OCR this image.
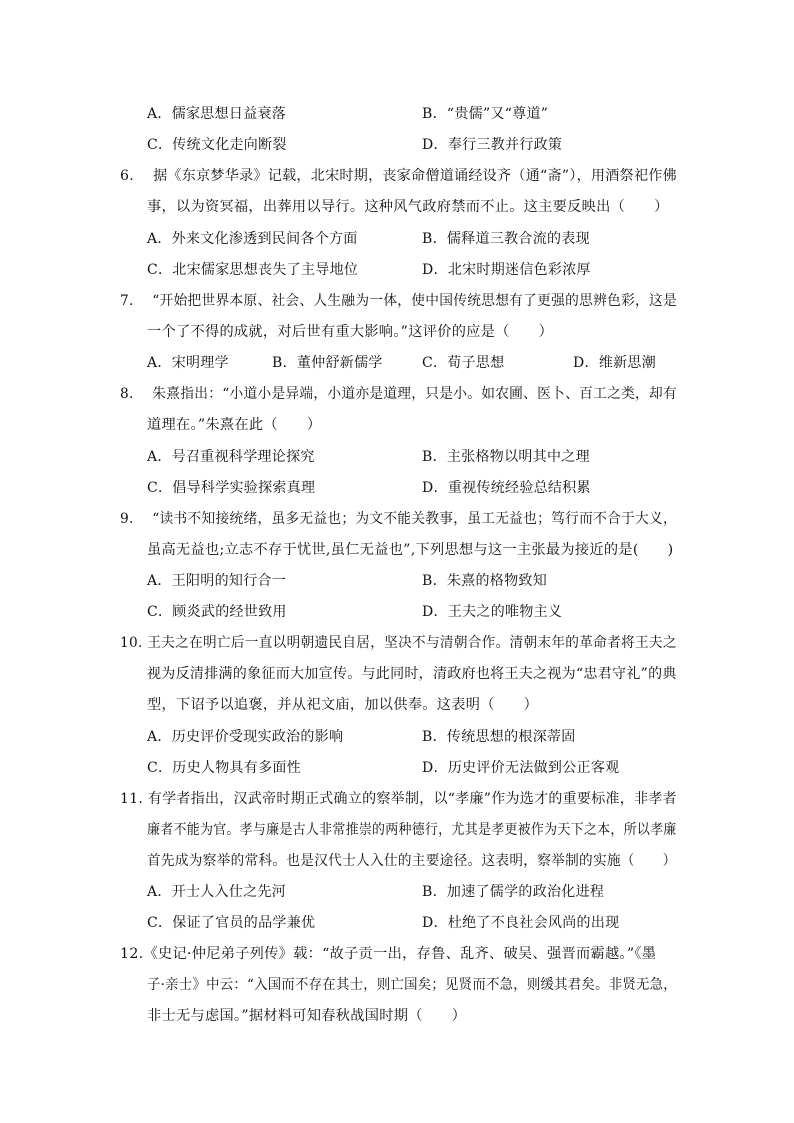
A．儒家思想日益衰落	B．“贵儒”又“尊道”
C．传统文化走向断裂	D．奉行三教并行政策
6.　 据《东京梦华录》记载，北宋时期，丧家命僧道诵经设齐（通“斋”），用酒祭祀作佛
事，以为资冥福，出葬用以导行。这种风气政府禁而不止。这主要反映出（　　）
A．外来文化渗透到民间各个方面	B．儒释道三教合流的表现
C．北宋儒家思想丧失了主导地位	D．北宋时期迷信色彩浓厚
7.　 “开始把世界本原、社会、人生融为一体，使中国传统思想有了更强的思辨色彩，这是
一个了不得的成就，对后世有重大影响。”这评价的应是（　　）
A．宋明理学	B．董仲舒新儒学	C．荀子思想	D．维新思潮
8.　 朱熹指出：“小道小是异端，小道亦是道理，只是小。如农圃、医卜、百工之类，却有
道理在。”朱熹在此（　　）
A．号召重视科学理论探究	B．主张格物以明其中之理
C．倡导科学实验探索真理	D．重视传统经验总结积累
9.　 “读书不知接统绪，虽多无益也；为文不能关教事，虽工无益也；笃行而不合于大义，
虽高无益也;立志不存于忧世,虽仁无益也”,下列思想与这一主张最为接近的是(　　)
A．王阳明的知行合一	B．朱熹的格物致知
C．顾炎武的经世致用	D．王夫之的唯物主义
10. 王夫之在明亡后一直以明朝遗民自居，坚决不与清朝合作。清朝末年的革命者将王夫之
视为反清排满的象征而大加宣传。与此同时，清政府也将王夫之视为“忠君守礼”的典
型，下诏予以追褒，并从祀文庙，加以供奉。这表明（　　）
A．历史评价受现实政治的影响	B．传统思想的根深蒂固
C．历史人物具有多面性	D．历史评价无法做到公正客观
11. 有学者指出，汉武帝时期正式确立的察举制，以“孝廉”作为选才的重要标准，非孝者
廉者不能为官。孝与廉是古人非常推崇的两种德行，尤其是孝更被作为天下之本，所以孝廉
首先成为察举的常科。也是汉代士人入仕的主要途径。这表明，察举制的实施（　　）
A．开士人入仕之先河	B．加速了儒学的政治化进程
C．保证了官员的品学兼优	D．杜绝了不良社会风尚的出现
12.《史记·仲尼弟子列传》载：“故子贡一出，存鲁、乱齐、破吴、强晋而霸越。”《墨
子·亲士》中云：“入国而不存在其士，则亡国矣；见贤而不急，则缓其君矣。非贤无急，
非士无与虑国。”据材料可知春秋战国时期（　　）
